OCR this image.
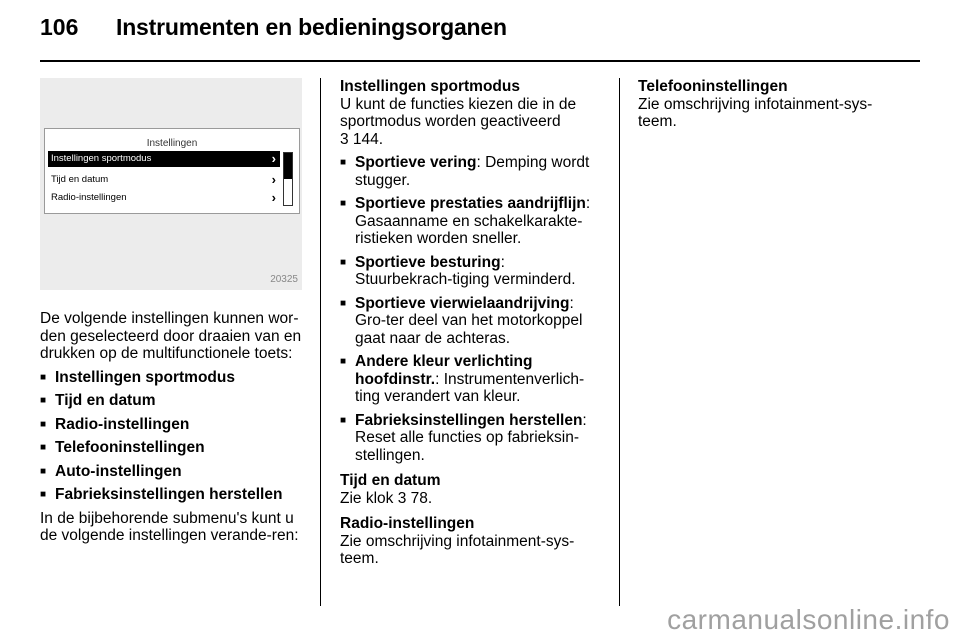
106 Instrumenten en bedieningsorganen
Instellingen
Instellingen sportmodus	›
Tijd en datum	›
Radio-instellingen	›
20325

De volgende instellingen kunnen wor-den geselecteerd door draaien van en drukken op de multifunctionele toets:

■ Instellingen sportmodus
■ Tijd en datum
■ Radio-instellingen
■ Telefooninstellingen
■ Auto-instellingen
■ Fabrieksinstellingen herstellen

In de bijbehorende submenu's kunt u de volgende instellingen verande-ren:

Instellingen sportmodus

U kunt de functies kiezen die in de sportmodus worden geactiveerd
3 144.

■ Sportieve vering: Demping wordt stugger.
■ Sportieve prestaties aandrijflijn: Gasaanname en schakelkarakte-ristieken worden sneller.
■ Sportieve besturing: Stuurbekrach-tiging verminderd.
■ Sportieve vierwielaandrijving: Gro-ter deel van het motorkoppel gaat naar de achteras.
■ Andere kleur verlichting hoofdinstr.: Instrumentenverlich-ting verandert van kleur.
■ Fabrieksinstellingen herstellen: Reset alle functies op fabrieksin-stellingen.

Tijd en datum

Zie klok 3 78.

Radio-instellingen

Zie omschrijving infotainment-sys-teem.

Telefooninstellingen

Zie omschrijving infotainment-sys-teem.

carmanualsonline.info
